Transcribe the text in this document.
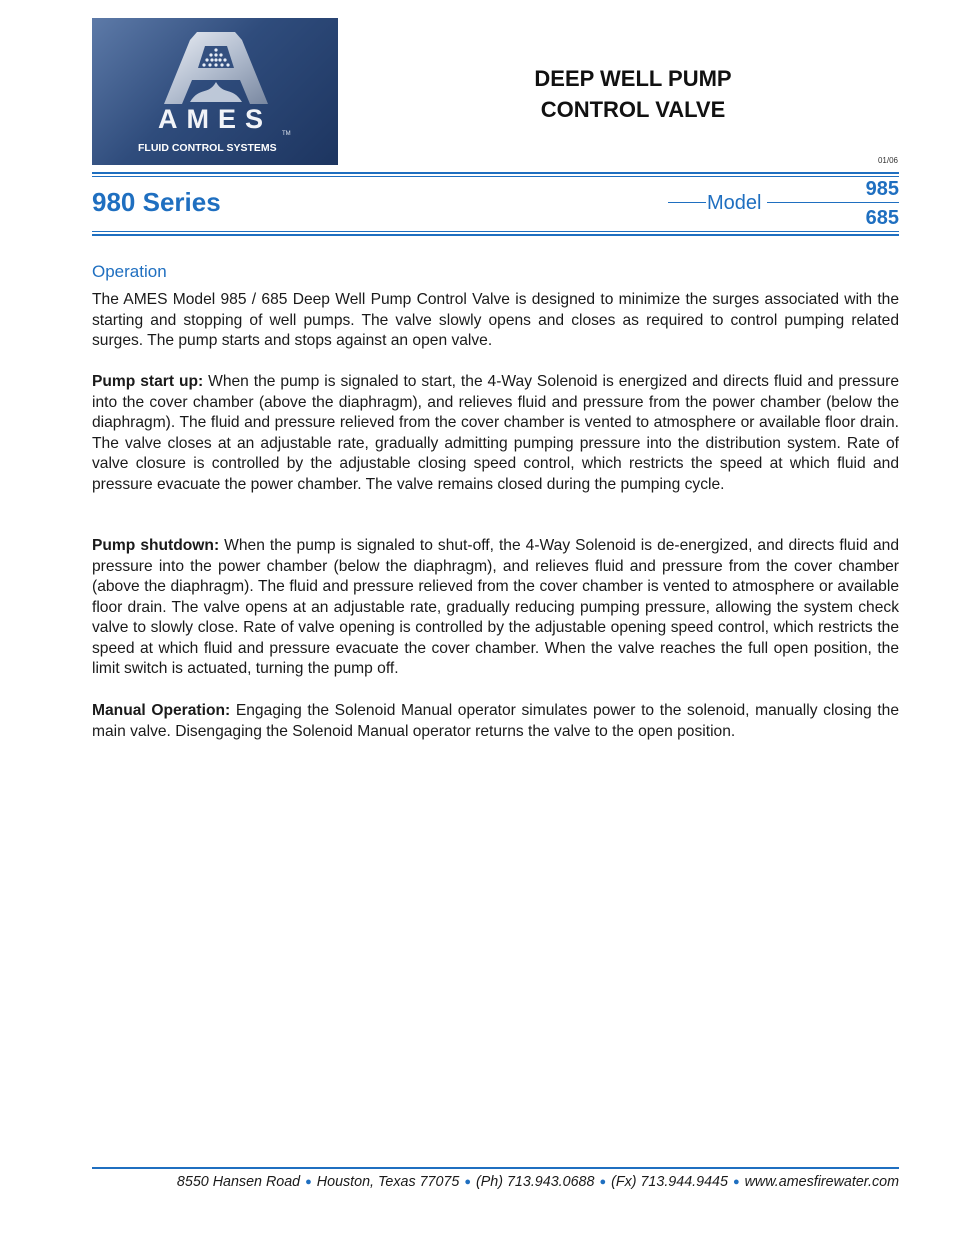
AMES	TM
FLUID CONTROL SYSTEMS
DEEP WELL PUMP
CONTROL VALVE
01/06
980 Series	Model
985
685
Operation
The AMES Model 985 / 685 Deep Well Pump Control Valve is designed to minimize the surges associated with the starting and stopping of well pumps. The valve slowly opens and closes as required to control pumping related surges. The pump starts and stops against an open valve.
Pump start up: When the pump is signaled to start, the 4-Way Solenoid is energized and directs fluid and pressure into the cover chamber (above the diaphragm), and relieves fluid and pressure from the power chamber (below the diaphragm). The fluid and pressure relieved from the cover chamber is vented to atmosphere or available floor drain. The valve closes at an adjustable rate, gradually admitting pumping pressure into the distribution system. Rate of valve closure is controlled by the adjustable closing speed control, which restricts the speed at which fluid and pressure evacuate the power chamber. The valve remains closed during the pumping cycle.
Pump shutdown: When the pump is signaled to shut-off, the 4-Way Solenoid is de-energized, and directs fluid and pressure into the power chamber (below the diaphragm), and relieves fluid and pressure from the cover chamber (above the diaphragm). The fluid and pressure relieved from the cover chamber is vented to atmosphere or available floor drain. The valve opens at an adjustable rate, gradually reducing pumping pressure, allowing the system check valve to slowly close. Rate of valve opening is controlled by the adjustable opening speed control, which restricts the speed at which fluid and pressure evacuate the cover chamber. When the valve reaches the full open position, the limit switch is actuated, turning the pump off.
Manual Operation: Engaging the Solenoid Manual operator simulates power to the solenoid, manually closing the main valve. Disengaging the Solenoid Manual operator returns the valve to the open position.
8550 Hansen Road ● Houston, Texas 77075 ● (Ph) 713.943.0688 ● (Fx) 713.944.9445 ● www.amesfirewater.com
